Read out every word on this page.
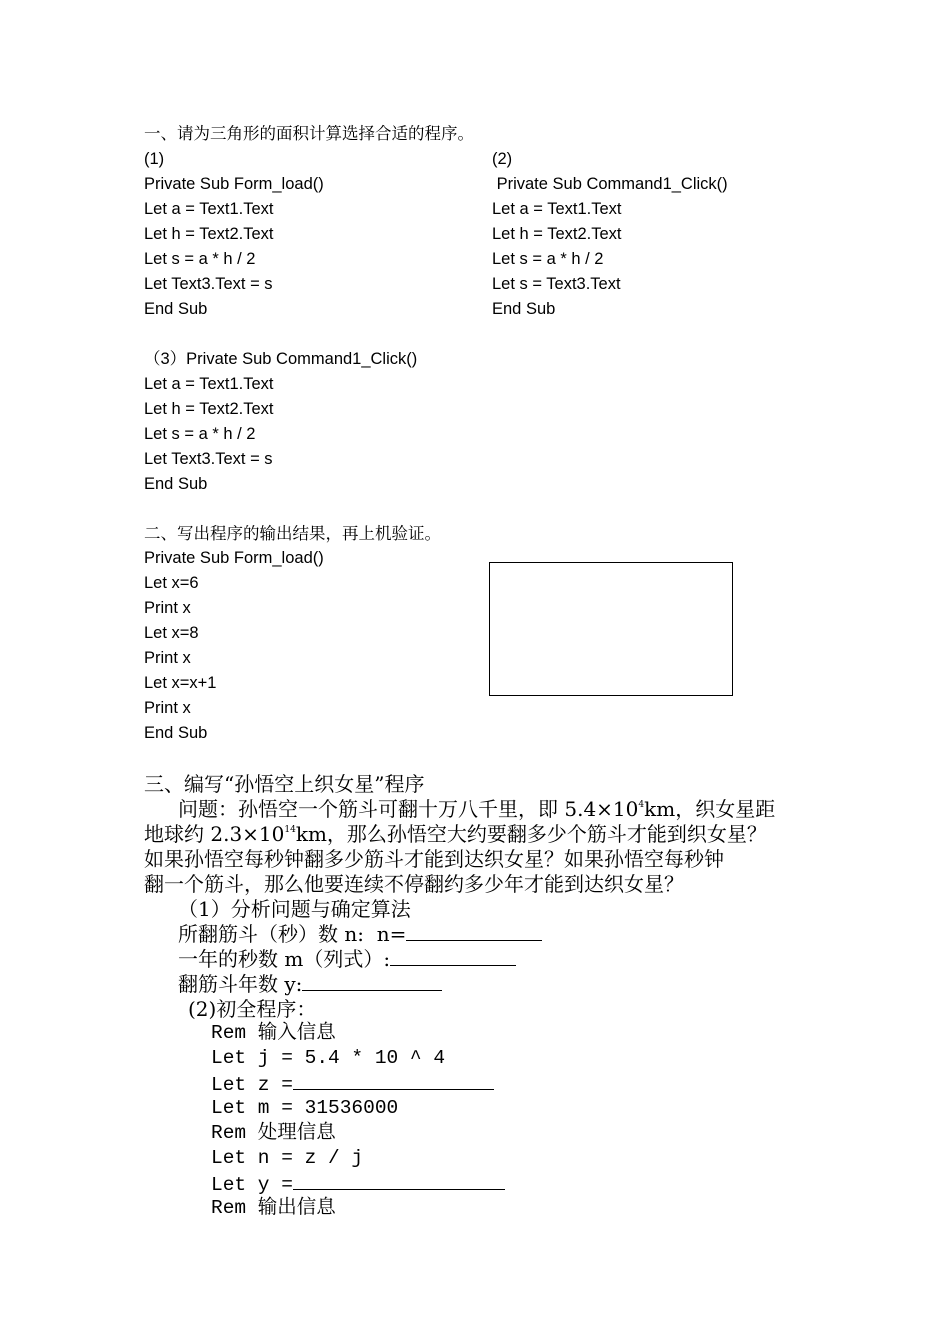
一、请为三角形的面积计算选择合适的程序。
(1)
Private Sub Form_load()
Let a = Text1.Text
Let h = Text2.Text
Let s = a * h / 2
Let Text3.Text = s
End Sub
(2)
Private Sub Command1_Click()
Let a = Text1.Text
Let h = Text2.Text
Let s = a * h / 2
Let s = Text3.Text
End Sub
（3）Private Sub Command1_Click()
Let a = Text1.Text
Let h = Text2.Text
Let s = a * h / 2
Let Text3.Text = s
End Sub
二、写出程序的输出结果，再上机验证。
Private Sub Form_load()
Let x=6
Print x
Let x=8
Print x
Let x=x+1
Print x
End Sub
三、编写“孙悟空上织女星”程序
问题：孙悟空一个筋斗可翻十万八千里，即 $5.4\times 10^4km$，织女星距
地球约 $2.3\times 10^{14}km$，那么孙悟空大约要翻多少个筋斗才能到织女星？
如果孙悟空每秒钟翻多少筋斗才能到达织女星？如果孙悟空每秒钟
翻一个筋斗，那么他要连续不停翻约多少年才能到达织女星？
（1）分析问题与确定算法
所翻筋斗（秒）数 n:  n=
一年的秒数 m（列式）:
翻筋斗年数 y:
(2)初全程序：
Rem 输入信息
Let j = 5.4 * 10 ^ 4
Let z =
Let m = 31536000
Rem 处理信息
Let n = z / j
Let y =
Rem 输出信息
